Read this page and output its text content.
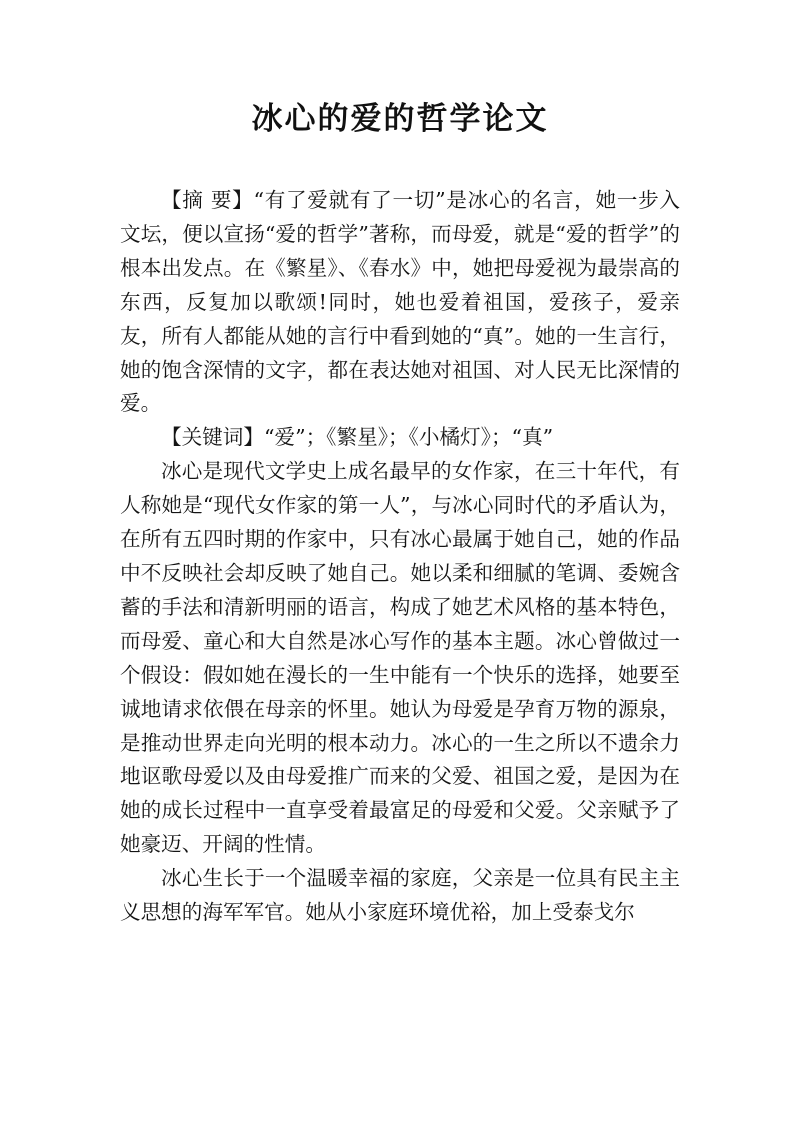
冰心的爱的哲学论文

【摘 要】“有了爱就有了一切”是冰心的名言，她一步入文坛，便以宣扬“爱的哲学”著称，而母爱，就是“爱的哲学”的根本出发点。在《繁星》、《春水》中，她把母爱视为最崇高的东西，反复加以歌颂!同时，她也爱着祖国，爱孩子，爱亲友，所有人都能从她的言行中看到她的“真”。她的一生言行，她的饱含深情的文字，都在表达她对祖国、对人民无比深情的爱。

【关键词】“爱”；《繁星》；《小橘灯》；“真”

冰心是现代文学史上成名最早的女作家，在三十年代，有人称她是“现代女作家的第一人”，与冰心同时代的矛盾认为，在所有五四时期的作家中，只有冰心最属于她自己，她的作品中不反映社会却反映了她自己。她以柔和细腻的笔调、委婉含蓄的手法和清新明丽的语言，构成了她艺术风格的基本特色，而母爱、童心和大自然是冰心写作的基本主题。冰心曾做过一个假设：假如她在漫长的一生中能有一个快乐的选择，她要至诚地请求依偎在母亲的怀里。她认为母爱是孕育万物的源泉，是推动世界走向光明的根本动力。冰心的一生之所以不遗余力地讴歌母爱以及由母爱推广而来的父爱、祖国之爱，是因为在她的成长过程中一直享受着最富足的母爱和父爱。父亲赋予了她豪迈、开阔的性情。

冰心生长于一个温暖幸福的家庭，父亲是一位具有民主主义思想的海军军官。她从小家庭环境优裕，加上受泰戈尔
